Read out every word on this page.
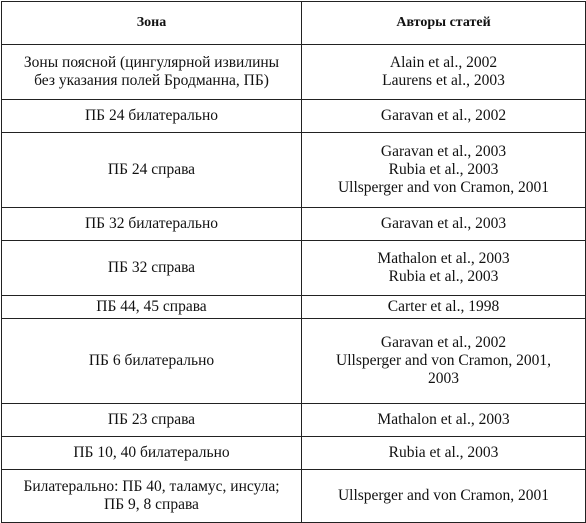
Зона	Авторы статей

Зоны поясной (цингулярной извилины
без указания полей Бродманна, ПБ)	Alain et al., 2002
Laurens et al., 2003

ПБ 24 билатерально	Garavan et al., 2002

ПБ 24 справа	Garavan et al., 2003
Rubia et al., 2003
Ullsperger and von Cramon, 2001

ПБ 32 билатерально	Garavan et al., 2003

ПБ 32 справа	Mathalon et al., 2003
Rubia et al., 2003

ПБ 44, 45 справа	Carter et al., 1998

ПБ 6 билатерально	Garavan et al., 2002
Ullsperger and von Cramon, 2001,
2003

ПБ 23 справа	Mathalon et al., 2003

ПБ 10, 40 билатерально	Rubia et al., 2003

Билатерально: ПБ 40, таламус, инсула;
ПБ 9, 8 справа	Ullsperger and von Cramon, 2001
